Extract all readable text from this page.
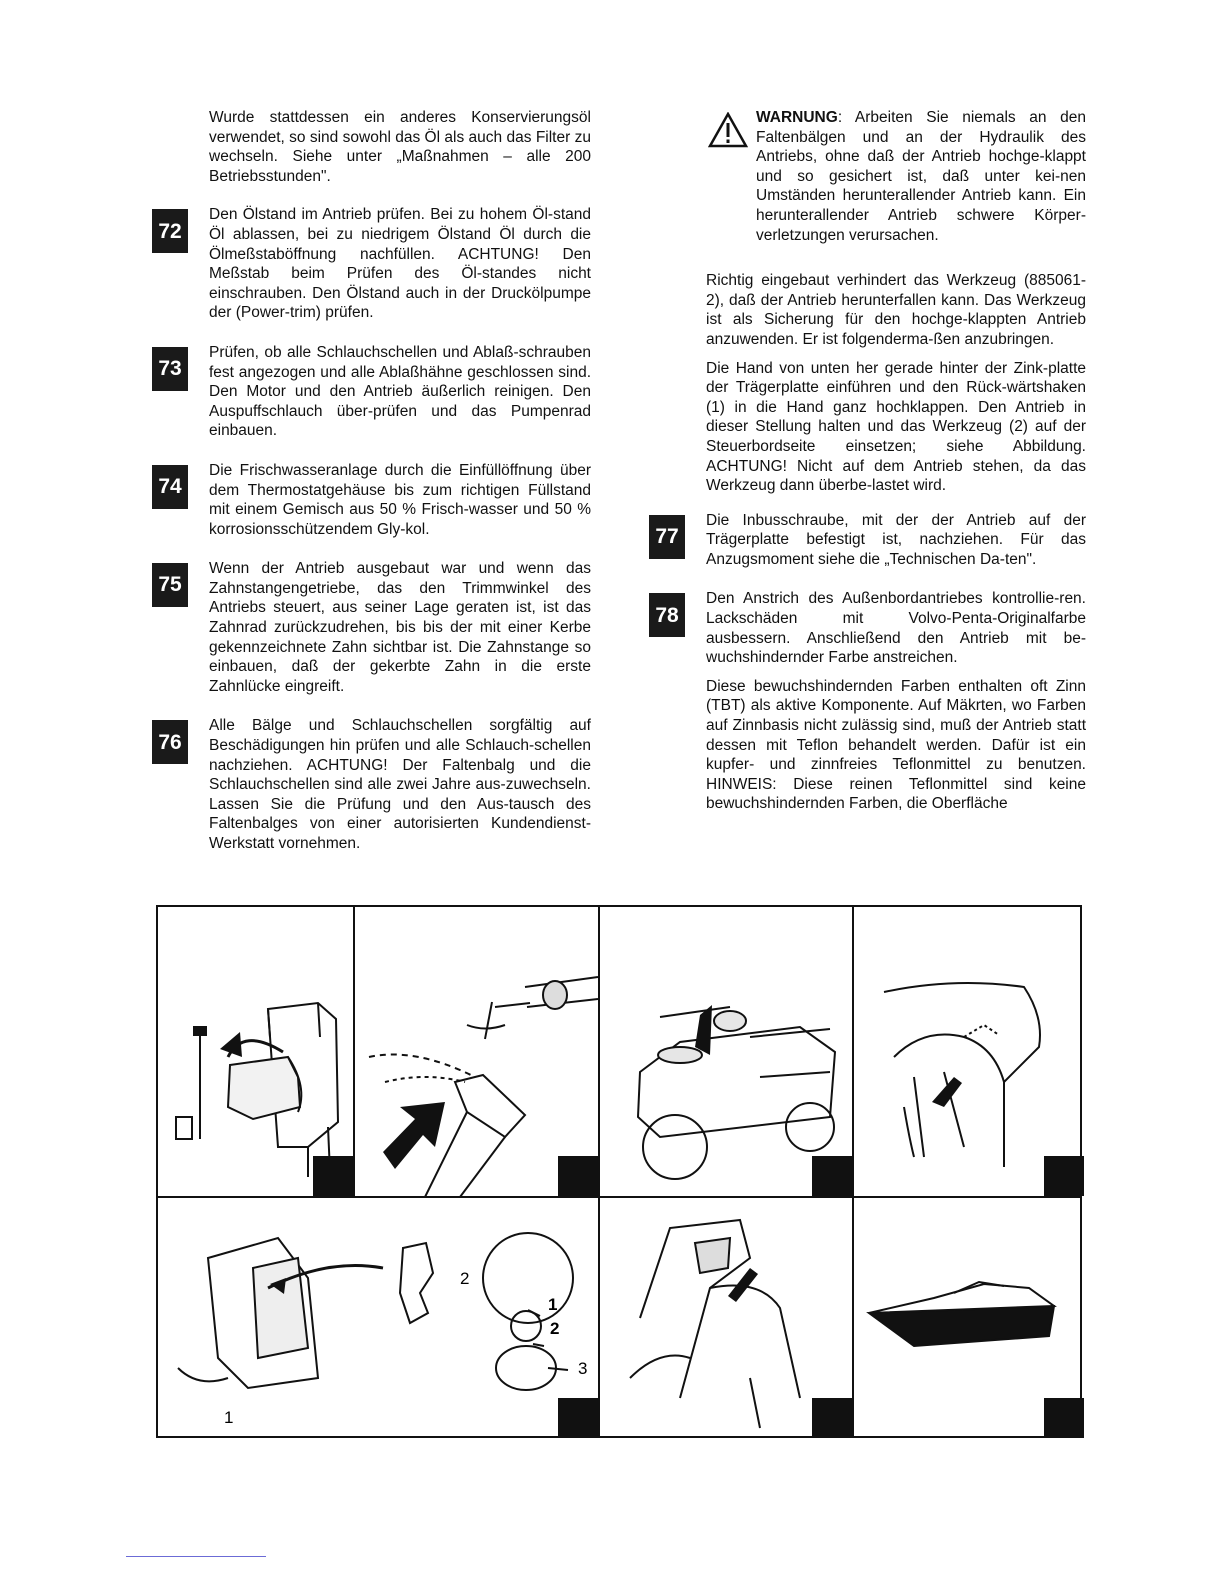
Wurde stattdessen ein anderes Konservierungsöl verwendet, so sind sowohl das Öl als auch das Filter zu wechseln. Siehe unter „Maßnahmen – alle 200 Betriebsstunden".

72

Den Ölstand im Antrieb prüfen. Bei zu hohem Öl-stand Öl ablassen, bei zu niedrigem Ölstand Öl durch die Ölmeßstaböffnung nachfüllen. ACHTUNG! Den Meßstab beim Prüfen des Öl-standes nicht einschrauben. Den Ölstand auch in der Druckölpumpe der (Power-trim) prüfen.

73

Prüfen, ob alle Schlauchschellen und Ablaß-schrauben fest angezogen und alle Ablaßhähne geschlossen sind. Den Motor und den Antrieb äußerlich reinigen. Den Auspuffschlauch über-prüfen und das Pumpenrad einbauen.

74

Die Frischwasseranlage durch die Einfüllöffnung über dem Thermostatgehäuse bis zum richtigen Füllstand mit einem Gemisch aus 50 % Frisch-wasser und 50 % korrosionsschützendem Gly-kol.

75

Wenn der Antrieb ausgebaut war und wenn das Zahnstangengetriebe, das den Trimmwinkel des Antriebs steuert, aus seiner Lage geraten ist, ist das Zahnrad zurückzudrehen, bis bis der mit einer Kerbe gekennzeichnete Zahn sichtbar ist. Die Zahnstange so einbauen, daß der gekerbte Zahn in die erste Zahnlücke eingreift.

76

Alle Bälge und Schlauchschellen sorgfältig auf Beschädigungen hin prüfen und alle Schlauch-schellen nachziehen. ACHTUNG! Der Faltenbalg und die Schlauchschellen sind alle zwei Jahre aus-zuwechseln. Lassen Sie die Prüfung und den Aus-tausch des Faltenbalges von einer autorisierten Kundendienst-Werkstatt vornehmen.

WARNUNG: Arbeiten Sie niemals an den Faltenbälgen und an der Hydraulik des Antriebs, ohne daß der Antrieb hochge-klappt und so gesichert ist, daß unter kei-nen Umständen herunterallender Antrieb kann. Ein herunterallender Antrieb schwere Körper-verletzungen verursachen.

Richtig eingebaut verhindert das Werkzeug (885061-2), daß der Antrieb herunterfallen kann. Das Werkzeug ist als Sicherung für den hochge-klappten Antrieb anzuwenden. Er ist folgenderma-ßen anzubringen.

Die Hand von unten her gerade hinter der Zink-platte der Trägerplatte einführen und den Rück-wärtshaken (1) in die Hand ganz hochklappen. Den Antrieb in dieser Stellung halten und das Werkzeug (2) auf der Steuerbordseite einsetzen; siehe Abbildung. ACHTUNG! Nicht auf dem Antrieb stehen, da das Werkzeug dann überbe-lastet wird.

77

Die Inbusschraube, mit der der Antrieb auf der Trägerplatte befestigt ist, nachziehen. Für das Anzugsmoment siehe die „Technischen Da-ten".

78

Den Anstrich des Außenbordantriebes kontrollie-ren. Lackschäden mit Volvo-Penta-Originalfarbe ausbessern. Anschließend den Antrieb mit be-wuchshindernder Farbe anstreichen.

Diese bewuchshindernden Farben enthalten oft Zinn (TBT) als aktive Komponente. Auf Mäkrten, wo Farben auf Zinnbasis nicht zulässig sind, muß der Antrieb statt dessen mit Teflon behandelt werden. Dafür ist ein kupfer- und zinnfreies Teflonmittel zu benutzen. HINWEIS: Diese reinen Teflonmittel sind keine bewuchshindernden Farben, die Oberfläche

2
1
1
2
3
